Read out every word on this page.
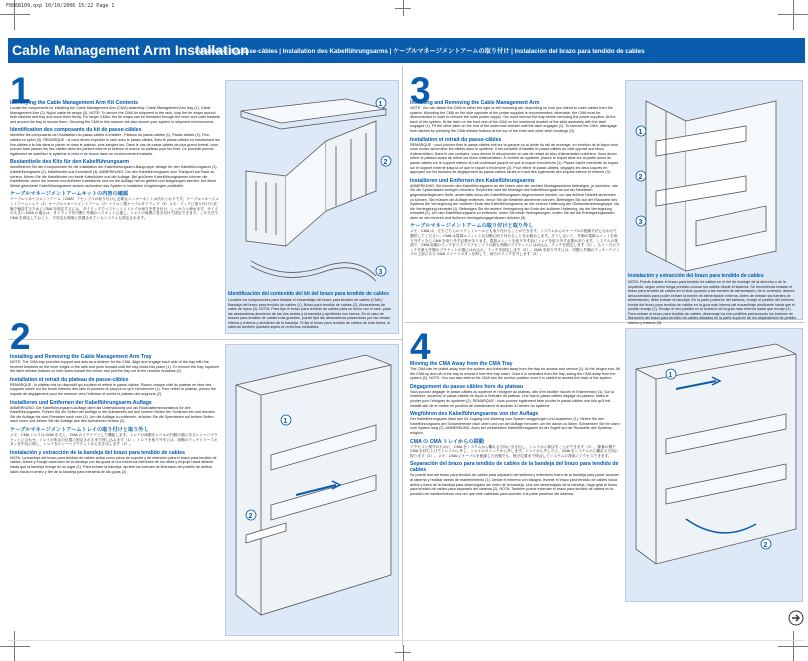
F8868109.qxp 10/10/2006 15:22 Page 1
Cable Management Arm Installation
Installation du passe-câbles | Installation des Kabelführungsarms | ケーブルマネージメントアームの取り付け | Instalación del brazo para tendido de cables
1
Identifying the Cable Management Arm Kit Contents

Locate the components for installing the Cable Management Arm (CMA) assembly: Cable Management Arm tray (1), Cable Management Arm (2), Nylon cable tie wraps (3). NOTE: To secure the CMA for shipment in the rack, loop the tie wraps around both baskets and tray and cinch them firmly. For larger CMAs, the tie wraps can be threaded through the inner and outer baskets and around the tray to secure them. Securing the CMA in this manner will also secure your system in shipment environments.

Identification des composants du kit de passe-câbles

Identifiez les composants de l'installation du passe-câbles à installer : Plateau du passe-câbles (1), Passe-câbles (2), Fixe-câbles en nylon (3). REMARQUE : si vous devez expédier le rack avec le passe-câbles, fixez le passe-câbles en introduisant les fixe-câbles à la fois dans le panier et dans le plateau, puis sanglez-les. Dans le cas de passe-câbles de plus grand format, vous pouvez faire passer les fixe-câbles dans les paniers interne et externe et autour du plateau pour les fixer. Ce procédé permet également de stabiliser le système si celui-ci se trouve dans un environnement instable.

Bestandteile des Kits für den Kabelführungsarm

Identifizieren Sie die Komponenten für die Installation der Kabelführungsarm-Baugruppe: Ablage für den Kabelführungsarm (1), Kabelführungsarm (2), Kabelbinder aus Kunststoff (3). ANMERKUNG: Um den Kabelführungsarm zum Transport am Rack zu sichern, führen Sie die Kabelbinder um beide Kabelkörbe und die Auflage. Bei größeren Kabelführungsarmen können die Kabelbinder durch die inneren und äußeren Kabelkörbe und um die Auflage herum geführt und festgezogen werden. Auf diese Weise gesicherte Kabelführungsarme sichern außerdem das System in instabilen Umgebungen zusätzlich.

ケーブルマネージメントアームキットの内容の確認

ケーブルマネージメントアーム（CMA）アセンブリの取り付けに必要なコンポーネントは次のとおりです。ケーブルマネージメントアームトレイ（1）ケーブルマネージメントアーム（2）ナイロン製ケーブルタイラップ（3）メモ：ラックに取り付けた状態で輸送するために CMA を固定するには、タイラップでバスケットとトレイの両方を巻き付け、しっかりと締めます。サイズの大きい CMA の場合は、タイラップを内側と外側のバスケットに通し、トレイの周囲に巻き付けて固定できます。この方法で CMA を固定しておくと、不安定な環境に設置されているシステムも固定されます。

1
2
3
Identificación del contenido del kit del brazo para tendido de cables
Localice los componentes para instalar el ensamblaje del brazo para tendido de cables (CMA): Bandeja del brazo para tendido de cables (1), Brazo para tendido de cables (2), Abrazaderas de cable de nylon (3). NOTA: Para fijar el brazo para tendido de cables para su envío con el rack, pase las abrazaderas alrededor de las dos cestas y la bandeja y apriételas con fuerza. En el caso de brazos para tendido de cables más grandes, puede fijar las abrazaderas pasándolas por las cestas interna y externa y alrededor de la bandeja. Si fija el brazo para tendido de cables de esta forma, el sistema también quedará sujeto en entornos inestables.
2
Installing and Removing the Cable Management Arm Tray

NOTE: The CMA tray provides support and acts as a retainer for the CMA. Align and engage each side of the tray with the receiver brackets on the inner edges of the rails and push forward until the tray clicks into place (1). To remove the tray, squeeze the latch release buttons on both sides toward the center and pull the tray out of the receiver brackets (2).

Installation et retrait du plateau de passe-câbles

REMARQUE : le plateau est un dispositif qui soutient et retient le passe-câbles. Placez chaque côté du plateau en face des supports situés sur les bords internes des rails et poussez-le jusqu'à ce qu'il s'enclenche (1). Pour retirer le plateau, pincez les loquets de dégagement pour les ramener vers l'intérieur et sortez le plateau des supports (2).

Installieren und Entfernen der Kabelführungsarm-Auflage

ANMERKUNG: Die Kabelführungsarm-Auflage dient als Unterstützung und als Rückhaltemechanismus für den Kabelführungsarm. Führen Sie die Seiten der Auflage in die Aufnahmen auf den inneren Seiten der Schienen ein und drücken Sie die Auflage bis zum Einrasten nach vorn (1). Um die Auflage zu entfernen, drücken Sie die Sperrtasten auf beiden Seiten nach innen und ziehen Sie die Auflage aus den Aufnahmen heraus (2).

ケーブルマネージメントアームトレイの取り付けと取り外し

メモ：CMA トレイは CMA を支え、CMA のリテイナとして機能します。トレイの両側をレールの内側の端にあるレシーバブラケットに合わせ、トレイが所定の位置に固定されるまで押し込みます（1）。トレイを取り外すには、両側のラッチリリースボタンを中央に押し、トレイをレシーバブラケットから引き出します（2）。

Instalación y extracción de la bandeja del brazo para tendido de cables

NOTA: La bandeja del brazo para tendido de cables actúa como pieza de soporte y de retención para el brazo para tendido de cables. Alinee y encaje cada lado de la bandeja con las guías en los extremos interiores de los rieles y empuje hacia delante hasta que la bandeja encaje en su lugar (1). Para extraer la bandeja, apriete los botones de liberación del pestillo de ambos lados hacia el centro y tire de la bandeja para extraerla de las guías (2).

1
2
3
Installing and Removing the Cable Management Arm

NOTE: You can attach the CMA to either the right or left mounting rail, depending on how you intend to route cables from the system. Mounting the CMA on the side opposite of the power supplies is recommended; otherwise, the CMA must be disconnected in order to remove the outer power supply. You must remove the tray before removing the power supplies. At the back of the system, fit the latch on the front end of the CMA on the innermost bracket of the slide assembly with the latch engaged (1). Fit the other latch on the end of the outermost bracket until the latch engages (2). To remove the CMA, disengage both latches by pressing the CMA release buttons at the top of the inner and outer latch housings (3).

Installation et retrait du passe-câbles

REMARQUE : vous pouvez fixer le passe-câbles soit sur la gauche ou la droite du rail de montage, en fonction de la façon dont vous voulez acheminer les câbles dans le système. Il est conseillé d'installer le passe-câbles du côté opposé aux blocs d'alimentation. Dans le cas contraire, vous devrez le déconnecter en cas de retrait du bloc d'alimentation extérieur. Vous devez retirer le plateau avant de retirer les blocs d'alimentation. À l'arrière du système, placez le loquet situé sur la partie avant du passe-câbles sur le support interne du rail coulissant jusqu'à ce que le loquet s'enclenche (1). Placez l'autre extrémité du loquet sur le support externe jusqu'à ce que le loquet s'enclenche (2). Pour retirer le passe-câbles, dégagez les deux loquets en appuyant sur les boutons de dégagement du passe-câbles situés en haut des logements des loquets interne et externe (3).

Installieren und Entfernen des Kabelführungsarms

ANMERKUNG: Sie können den Kabelführungsarm an der linken oder der rechten Montageschiene befestigen, je nachdem, wie Sie die Systemkabel verlegen möchten. Empfohlen wird die Montage des Kabelführungsarms auf der Netzteilen gegenüberliegenden Seite; andernfalls muss der Kabelführungsarm abgenommen werden, um das äußere Netzteil abnehmen zu können. Sie müssen die Auflage entfernen, bevor Sie die Netzteile abnehmen können. Befestigen Sie auf der Rückseite des Systems die Verriegelung am vorderen Ende des Kabelführungsarms an der inneren Halterung der Gleitschienenbaugruppe, bis die Verriegelung einrastet (1). Befestigen Sie die andere Verriegelung am Ende der äußeren Halterung, bis die Verriegelung einrastet (2). Um den Kabelführungsarm zu entfernen, lösen Sie beide Verriegelungen, indem Sie auf die Entriegelungstasten oben an den inneren und äußeren Verriegelungsgehäusen drücken (3).

ケーブルマネージメントアームの取り付けと取り外し

メモ：CMA は、左右どちらのマウントレールにも取り付けることができます。システムからのケーブルの配線方法に合わせて選択してください。CMA は電源ユニットと反対側に取り付けることをお勧めします。そうしないと、外側の電源ユニットを取り外すときに CMA を取り外す必要があります。電源ユニットを取り外す前にトレイを取り外す必要があります。システムの背面で、CMA 前端のラッチをスライドアセンブリの最も内側のブラケットにはめ込み、ラッチを固定します（1）。もう一方のラッチを最も外側のブラケットの端にはめ込み、ラッチを固定します（2）。CMA を取り外すには、内側と外側のラッチハウジングの上部にある CMA リリースボタンを押して、両方のラッチを外します（3）。

1
2
3
Instalación y extracción del brazo para tendido de cables
NOTA: Puede instalar el brazo para tendido de cables en el riel de montaje de la derecha o de la izquierda, según cómo tenga previsto colocar los cables desde el sistema. Se recomienda instalar el brazo para tendido de cables en el lado opuesto a las fuentes de alimentación; de lo contrario, deberá desconectarlo para poder extraer la fuente de alimentación externa. Antes de extraer las fuentes de alimentación, debe extraer la bandeja. En la parte posterior del sistema, encaje el pestillo del extremo frontal del brazo para tendido de cables en la guía más interna del ensamblaje deslizante hasta que el pestillo encaje (1). Encaje el otro pestillo en el extremo de la guía más externa hasta que encaje (2). Para extraer el brazo para tendido de cables, desencaje los dos pestillos presionando los botones de liberación del brazo para tendido de cables situados en la parte superior de los alojamientos de pestillo interno y externo (3).
4
Moving the CMA Away from the CMA Tray

The CMA can be pulled away from the system and extended away from the tray for access and service (1). At the hinged end, lift the CMA up and off of the tray to unseat it from the tray catch. Once it is unseated from the tray, swing the CMA away from the system (2). NOTE: You can also extend the CMA into the service position once it is cabled to access the back of the system.

Dégagement du passe-câbles hors du plateau

Vous pouvez dégager le passe-câbles du système et l'éloigner du plateau, afin d'en faciliter l'accès et l'intervention (1). Sur la charnière, soulevez le passe-câbles de façon à l'extraire du plateau. Une fois le passe-câbles dégagé du plateau, faites-le pivoter pour l'éloigner du système (2). REMARQUE : vous pouvez également faire pivoter le passe-câbles une fois qu'il est installé afin de le mettre en position de maintenance et accéder à l'arrière du système.

Wegführen des Kabelführungsarms von der Auflage

Der Kabelführungsarm lässt sich für Zugang und Wartung vom System weggezogen und ausziehen (1). Heben Sie den Kabelführungsarm am Scharnierende nach oben und von der Auflage herunter, um ihn davon zu lösen. Schwenken Sie ihn dann vom System weg (2). ANMERKUNG: Auch bei verkabeltem Kabelführungsarm ist der Zugriff auf die Rückseite des Systems möglich.

CMA の CMA トレイからの移動

アクセスと保守のために、CMA をシステムから離れる方向に引き出し、トレイから伸ばすことができます（1）。蝶番の側で CMA を持ち上げてトレイから外し、トレイのキャッチから外します。トレイから外したら、CMA をシステムから離れる方向に振ります（2）。メモ：CMA にケーブルを配線した状態でも、保守位置まで伸ばしてシステムの背面にアクセスできます。

Separación del brazo para tendido de cables de la bandeja del brazo para tendido de cables

Se puede tirar del brazo para tendido de cables para separarlo del sistema y extenderlo fuera de la bandeja para poder acceder al sistema y realizar tareas de mantenimiento (1). Desde el extremo con bisagra, levante el brazo para tendido de cables hacia arriba y fuera de la bandeja para desencajarlo del retén de la bandeja. Una vez desencajado de la bandeja, haga girar el brazo para tendido de cables para separarlo del sistema (2). NOTA: También puede extender el brazo para tendido de cables en la posición de mantenimiento una vez que esté cableado para acceder a la parte posterior del sistema.

1
2
